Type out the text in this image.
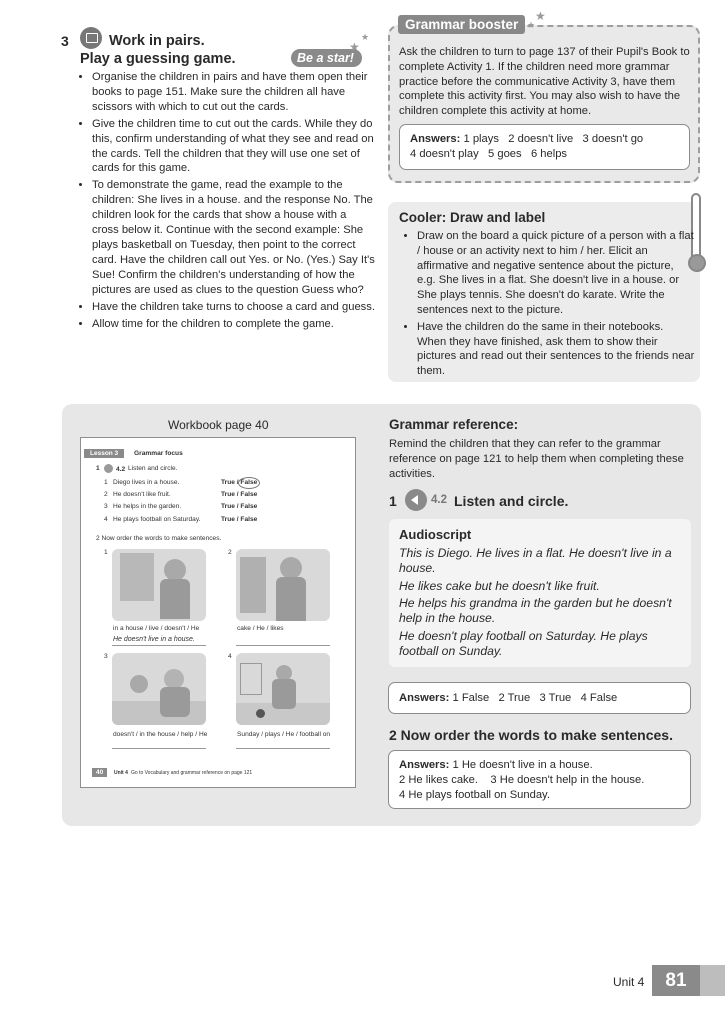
3	Work in pairs.
Play a guessing game.	Be a star!
★
★
• Organise the children in pairs and have them open their books to page 151. Make sure the children all have scissors with which to cut out the cards.
• Give the children time to cut out the cards. While they do this, confirm understanding of what they see and read on the cards. Tell the children that they will use one set of cards for this game.
• To demonstrate the game, read the example to the children: She lives in a house. and the response No. The children look for the cards that show a house with a cross below it. Continue with the second example: She plays basketball on Tuesday, then point to the correct card. Have the children call out Yes. or No. (Yes.) Say It's Sue! Confirm the children's understanding of how the pictures are used as clues to the question Guess who?
• Have the children take turns to choose a card and guess.
• Allow time for the children to complete the game.
Grammar booster
★
★
Ask the children to turn to page 137 of their Pupil's Book to complete Activity 1. If the children need more grammar practice before the communicative Activity 3, have them complete this activity first. You may also wish to have the children complete this activity at home.
Answers: 1 plays 2 doesn't live 3 doesn't go
4 doesn't play 5 goes 6 helps
Cooler: Draw and label
• Draw on the board a quick picture of a person with a flat / house or an activity next to him / her. Elicit an affirmative and negative sentence about the picture, e.g. She lives in a flat. She doesn't live in a house. or She plays tennis. She doesn't do karate. Write the sentences next to the picture.
• Have the children do the same in their notebooks. When they have finished, ask them to show their pictures and read out their sentences to the friends near them.
Workbook page 40
Lesson 3	Grammar focus
1 4.2 Listen and circle.
1 Diego lives in a house.	True / False
2 He doesn't like fruit.	True / False
3 He helps in the garden.	True / False
4 He plays football on Saturday.	True / False
2 Now order the words to make sentences.
1
in a house / live / doesn't / He
He doesn't live in a house.
2
cake / He / likes
3
doesn't / in the house / help / He
4
Sunday / plays / He / football on
40	Unit 4 Go to Vocabulary and grammar reference on page 121
Grammar reference:
Remind the children that they can refer to the grammar reference on page 121 to help them when completing these activities.
1	4.2 Listen and circle.
Audioscript

This is Diego. He lives in a flat. He doesn't live in a house.

He likes cake but he doesn't like fruit.

He helps his grandma in the garden but he doesn't help in the house.

He doesn't play football on Saturday. He plays football on Sunday.

Answers: 1 False 2 True 3 True 4 False
2 Now order the words to make sentences.
Answers: 1 He doesn't live in a house.
2 He likes cake. 3 He doesn't help in the house.
4 He plays football on Sunday.
Unit 4	81
